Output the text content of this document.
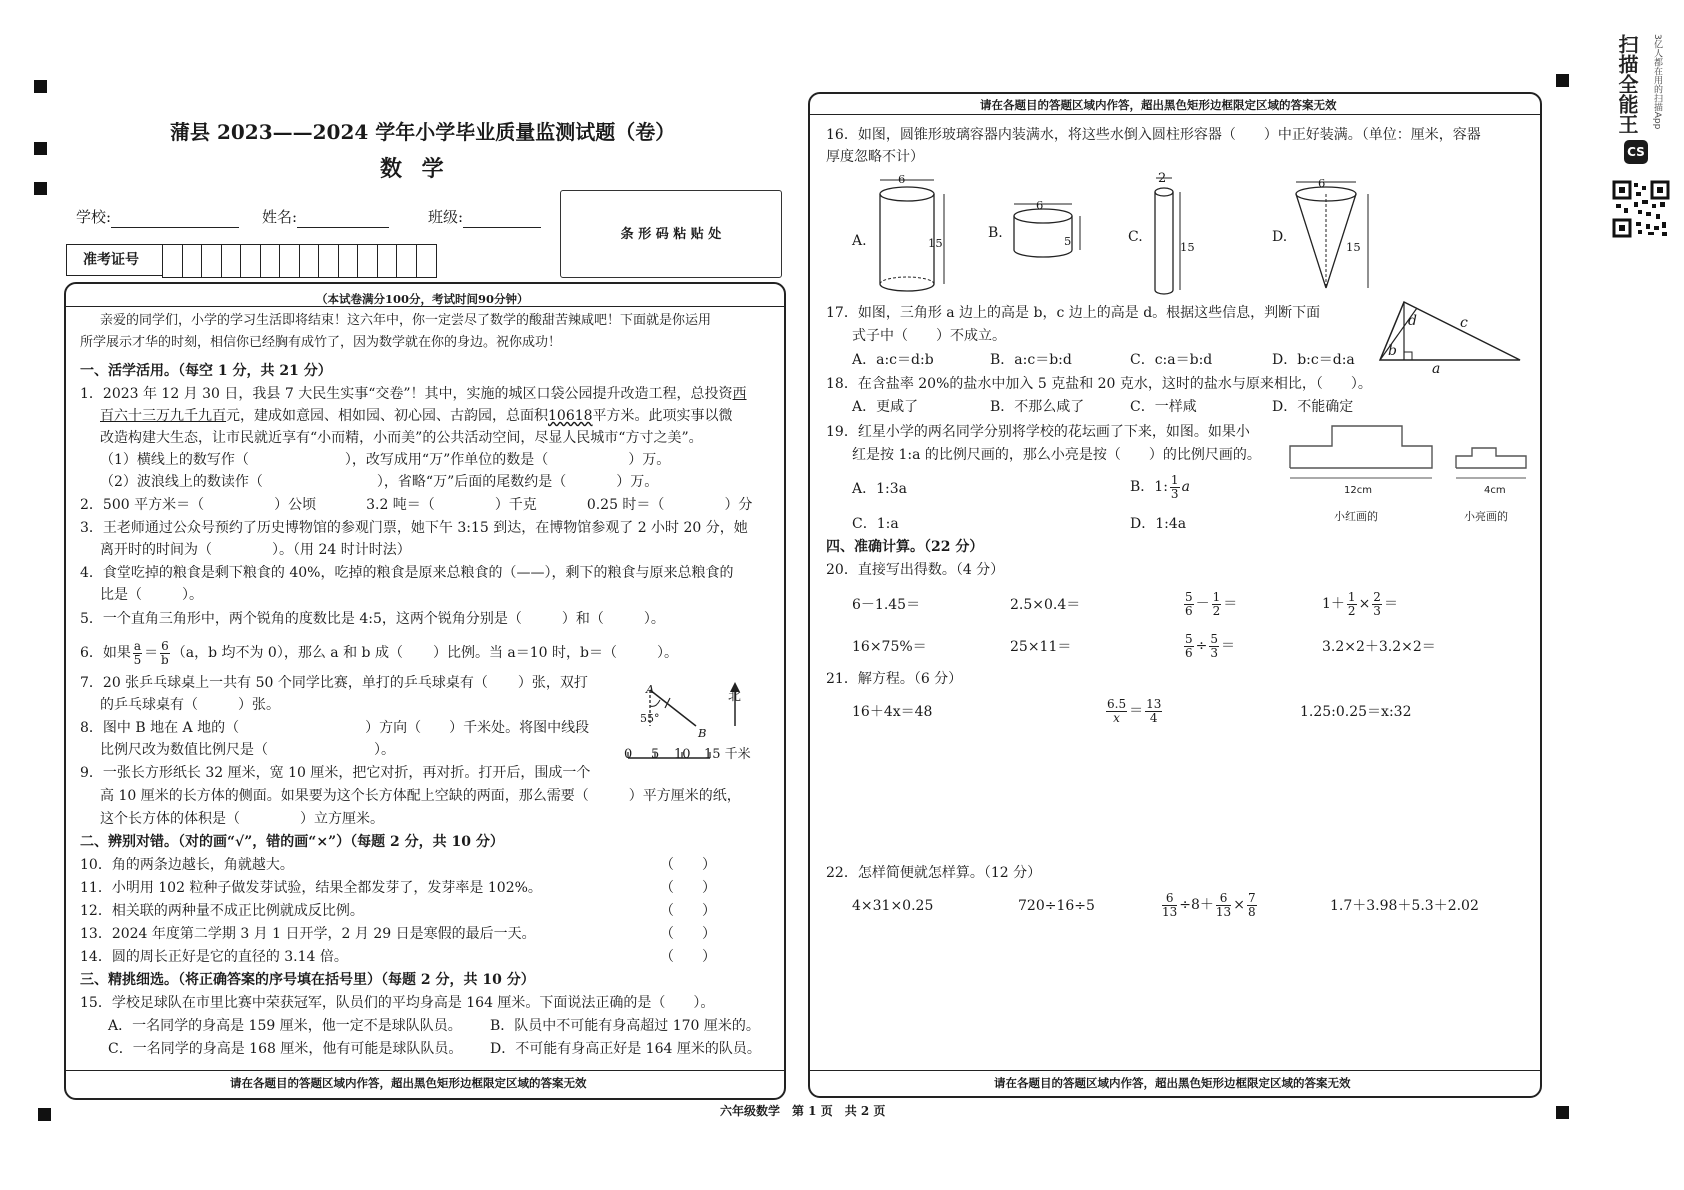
CS
扫描全能王	3亿人都在用的扫描App
蒲县 2023——2024 学年小学毕业质量监测试题（卷）
数 学
学校:	姓名:	班级:
准考证号
条 形 码 粘 贴 处
（本试卷满分100分，考试时间90分钟）
亲爱的同学们，小学的学习生活即将结束！这六年中，你一定尝尽了数学的酸甜苦辣咸吧！下面就是你运用
所学展示才华的时刻，相信你已经胸有成竹了，因为数学就在你的身边。祝你成功！
一、活学活用。（每空 1 分，共 21 分）
1．2023 年 12 月 30 日，我县 7 大民生实事“交卷”！其中，实施的城区口袋公园提升改造工程，总投资西
百六十三万九千九百元，建成如意园、相如园、初心园、古韵园，总面积10618平方米。此项实事以微
改造构建大生态，让市民就近享有“小而精，小而美”的公共活动空间，尽显人民城市“方寸之美”。
（1）横线上的数写作（	），改写成用“万”作单位的数是（	）万。
（2）波浪线上的数读作（	），省略“万”后面的尾数约是（	）万。
2．500 平方米＝（	）公顷	3.2 吨＝（	）千克	0.25 时＝（	）分
3．王老师通过公众号预约了历史博物馆的参观门票，她下午 3:15 到达，在博物馆参观了 2 小时 20 分，她
离开时的时间为（	）。（用 24 时计时法）
4．食堂吃掉的粮食是剩下粮食的 40%，吃掉的粮食是原来总粮食的（——），剩下的粮食与原来总粮食的
比是（	）。
5．一个直角三角形中，两个锐角的度数比是 4:5，这两个锐角分别是（	）和（	）。
6．如果 $\frac{a}{5} = \frac{6}{b} (a$，b 均不为 0），那么 a 和 b 成（ ）比例。当 a＝10 时，b＝（	）。
7．20 张乒乓球桌上一共有 50 个同学比赛，单打的乒乓球桌有（ ）张，双打
的乒乓球桌有（	）张。
8．图中 B 地在 A 地的（	）方向（ ）千米处。将图中线段
比例尺改为数值比例尺是（	）。
A
B
55°
北
0 5 10 15 千米
9．一张长方形纸长 32 厘米，宽 10 厘米，把它对折，再对折。打开后，围成一个
高 10 厘米的长方体的侧面。如果要为这个长方体配上空缺的两面，那么需要（	）平方厘米的纸，
这个长方体的体积是（	）立方厘米。
二、辨别对错。（对的画“√”，错的画“×”）（每题 2 分，共 10 分）
10．角的两条边越长，角就越大。	（　　）
11．小明用 102 粒种子做发芽试验，结果全都发芽了，发芽率是 102%。	（　　）
12．相关联的两种量不成正比例就成反比例。	（　　）
13．2024 年度第二学期 3 月 1 日开学，2 月 29 日是寒假的最后一天。	（　　）
14．圆的周长正好是它的直径的 3.14 倍。	（　　）
三、精挑细选。（将正确答案的序号填在括号里）（每题 2 分，共 10 分）
15．学校足球队在市里比赛中荣获冠军，队员们的平均身高是 164 厘米。下面说法正确的是（　　）。
A．一名同学的身高是 159 厘米，他一定不是球队队员。 B．队员中不可能有身高超过 170 厘米的。
C．一名同学的身高是 168 厘米，他有可能是球队队员。 D．不可能有身高正好是 164 厘米的队员。
请在各题目的答题区域内作答，超出黑色矩形边框限定区域的答案无效
请在各题目的答题区域内作答，超出黑色矩形边框限定区域的答案无效
16．如图，圆锥形玻璃容器内装满水，将这些水倒入圆柱形容器（　　）中正好装满。（单位：厘米，容器
厚度忽略不计）
A.
6
15
B.
6
5	C.
2
15
D.
6
15
17．如图，三角形 a 边上的高是 b，c 边上的高是 d。根据这些信息，判断下面
式子中（　　）不成立。
A．a:c＝d:b	B．a:c＝b:d	C．c:a＝b:d	D．b:c＝d:a
d	c
b
a
18．在含盐率 20%的盐水中加入 5 克盐和 20 克水，这时的盐水与原来相比，（　　）。
A．更咸了	B．不那么咸了	C．一样咸	D．不能确定
19．红星小学的两名同学分别将学校的花坛画了下来，如图。如果小
红是按 1:a 的比例尺画的，那么小亮是按（　　）的比例尺画的。
A．1:3a	B．1: $\frac{1}{3}$ a
C．1:a	D．1:4a
12cm	4cm
小红画的	小亮画的
四、准确计算。（22 分）
20．直接写出得数。（4 分）
6－1.45＝	2.5×0.4＝	$\frac{5}{6} - \frac{1}{2}$ ＝	$1+ \frac{1}{2} \times \frac{2}{3}$ ＝
16×75%＝	25×11＝	$\frac{5}{6} \div \frac{5}{3}$ ＝	3.2×2＋3.2×2＝
21．解方程。（6 分）
16＋4x＝48	$\frac{6.5}{x} = \frac{13}{4}$	1.25:0.25＝x:32
22．怎样简便就怎样算。（12 分）
4×31×0.25	720÷16÷5	$\frac{6}{13} \div 8+ \frac{6}{13} \times \frac{7}{8}$	1.7＋3.98＋5.3＋2.02
请在各题目的答题区域内作答，超出黑色矩形边框限定区域的答案无效
六年级数学　第 1 页　共 2 页
